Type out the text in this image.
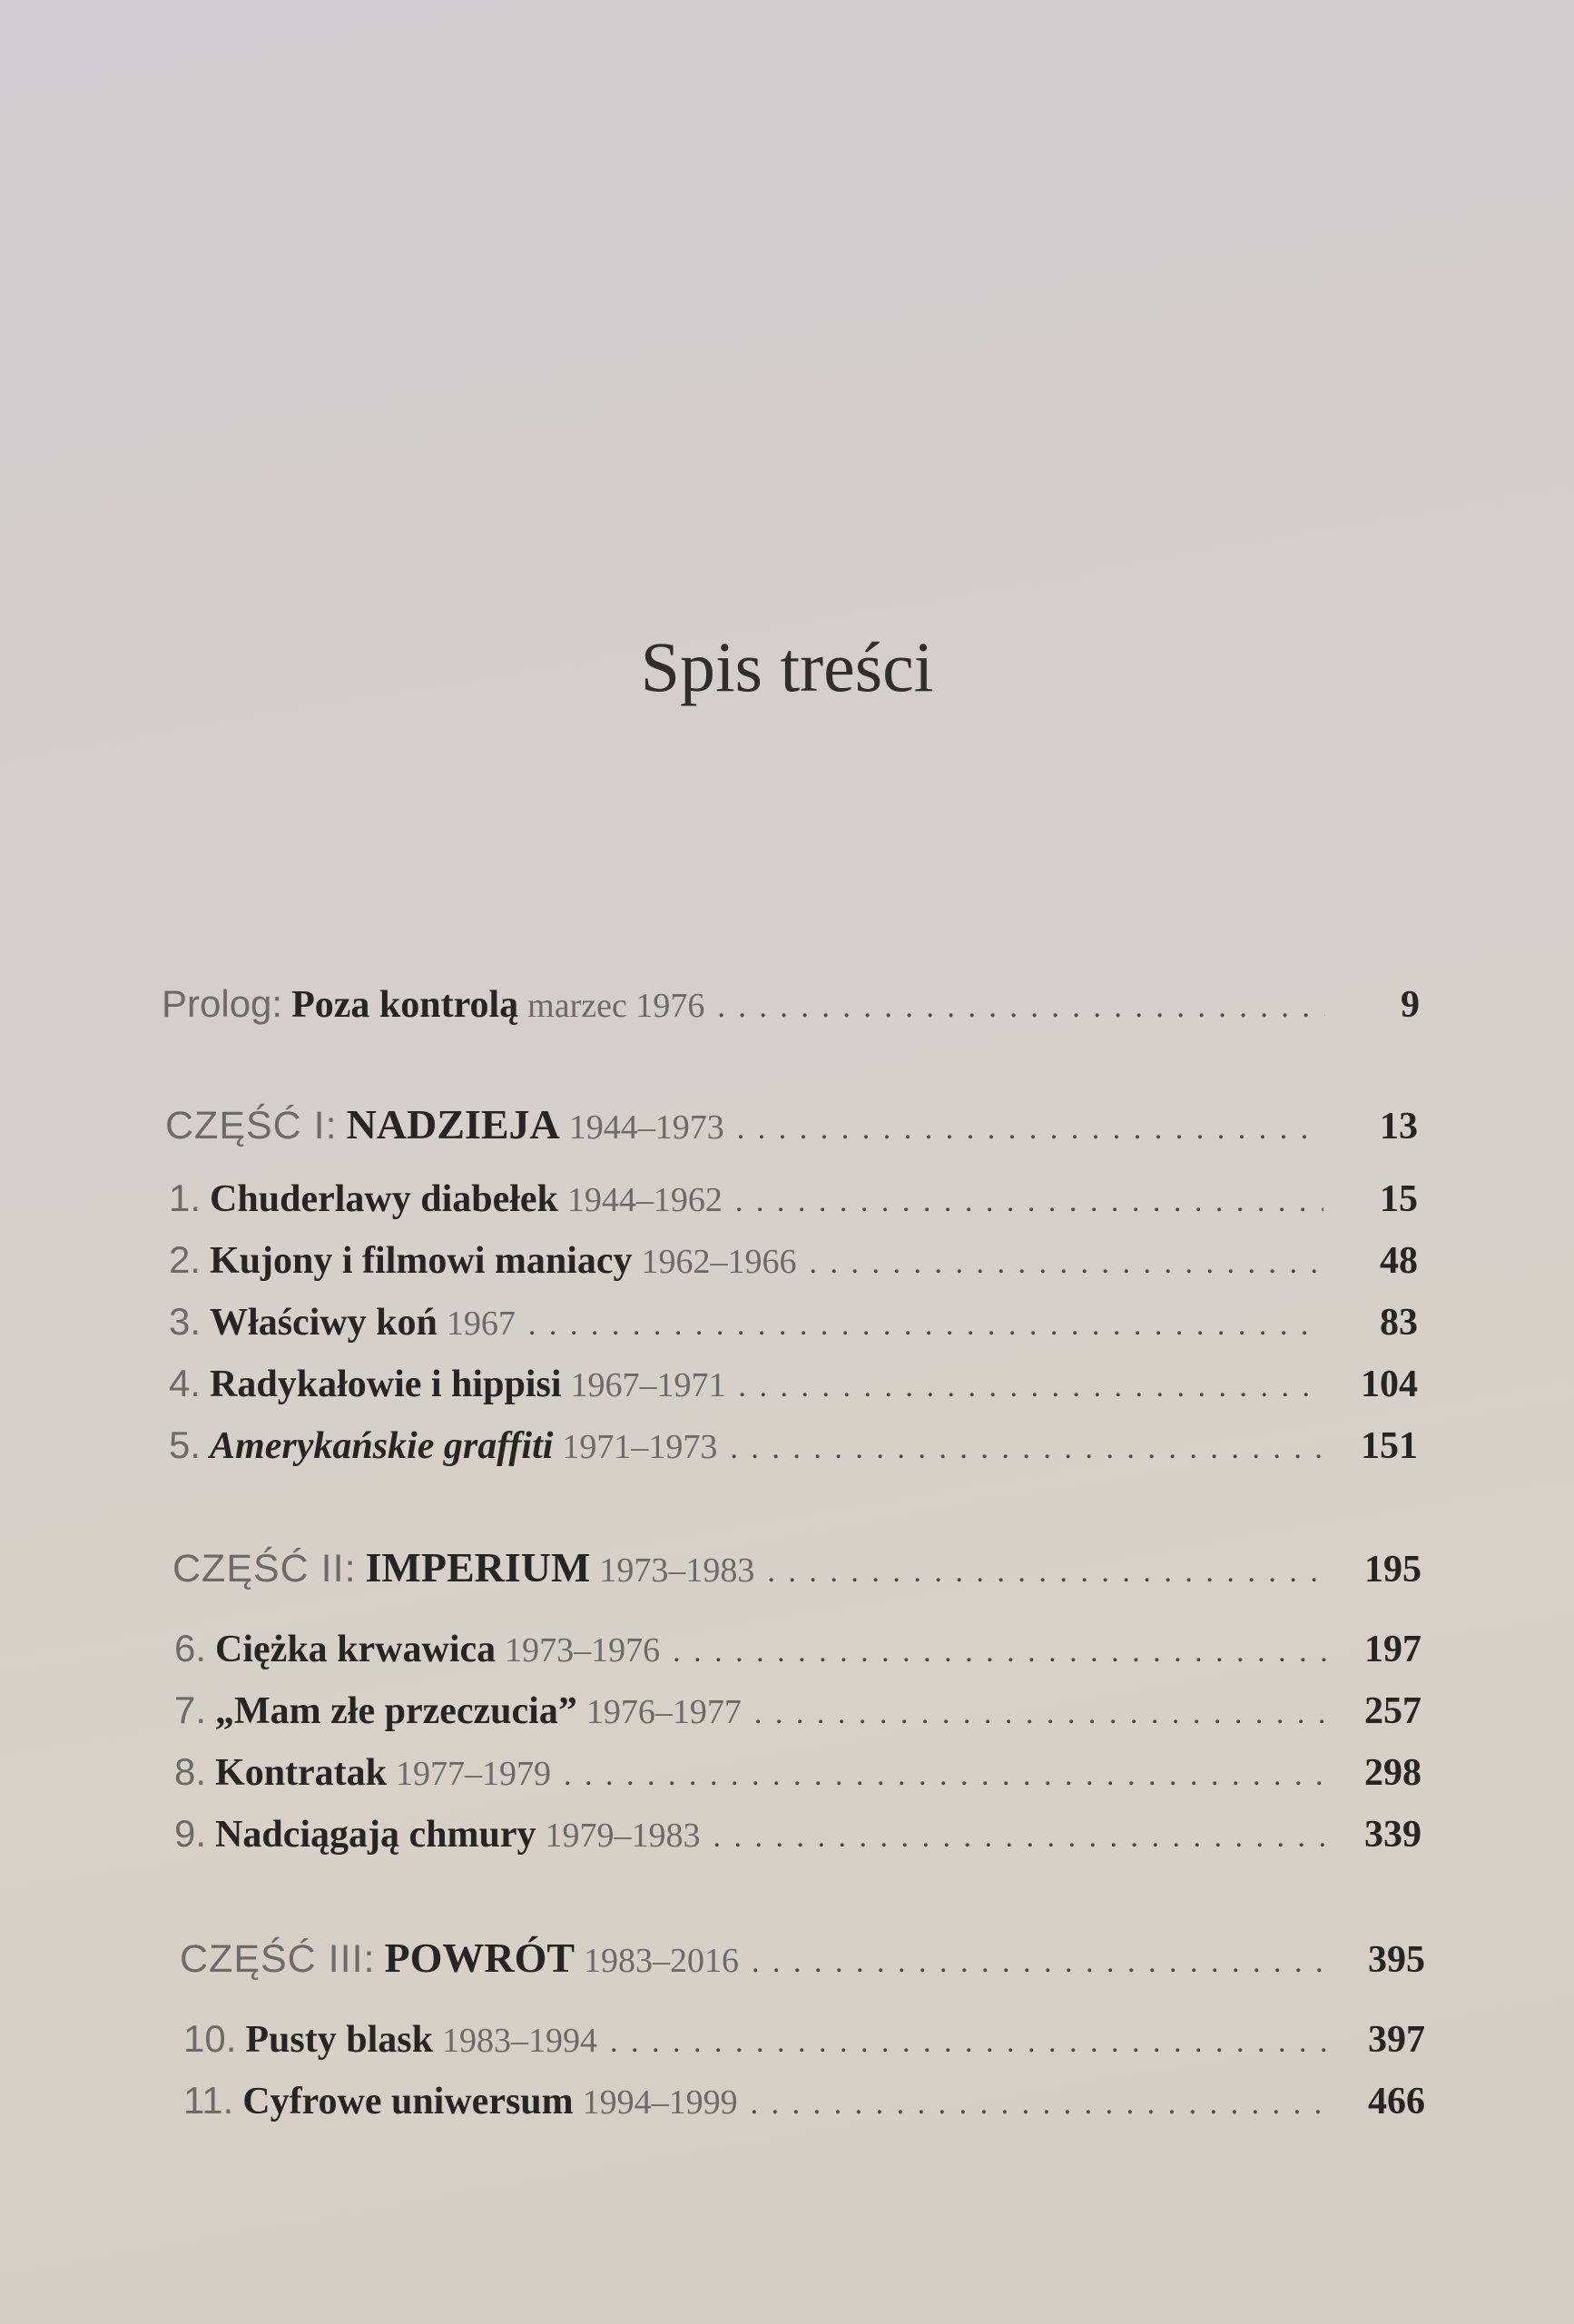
Spis treści
Prolog: Poza kontrolą marzec 1976 . . .	9
CZĘŚĆ I: NADZIEJA 1944–1973 . . .	13
1. Chuderlawy diabełek 1944–1962 . . .	15
2. Kujony i filmowi maniacy 1962–1966 . . .	48
3. Właściwy koń 1967 . . .	83
4. Radykałowie i hippisi 1967–1971 . . .	104
5. Amerykańskie graffiti 1971–1973 . . .	151
CZĘŚĆ II: IMPERIUM 1973–1983 . . .	195
6. Ciężka krwawica 1973–1976 . . .	197
7. „Mam złe przeczucia” 1976–1977 . . .	257
8. Kontratak 1977–1979 . . .	298
9. Nadciągają chmury 1979–1983 . . .	339
CZĘŚĆ III: POWRÓT 1983–2016 . . .	395
10. Pusty blask 1983–1994 . . .	397
11. Cyfrowe uniwersum 1994–1999 . . .	466
